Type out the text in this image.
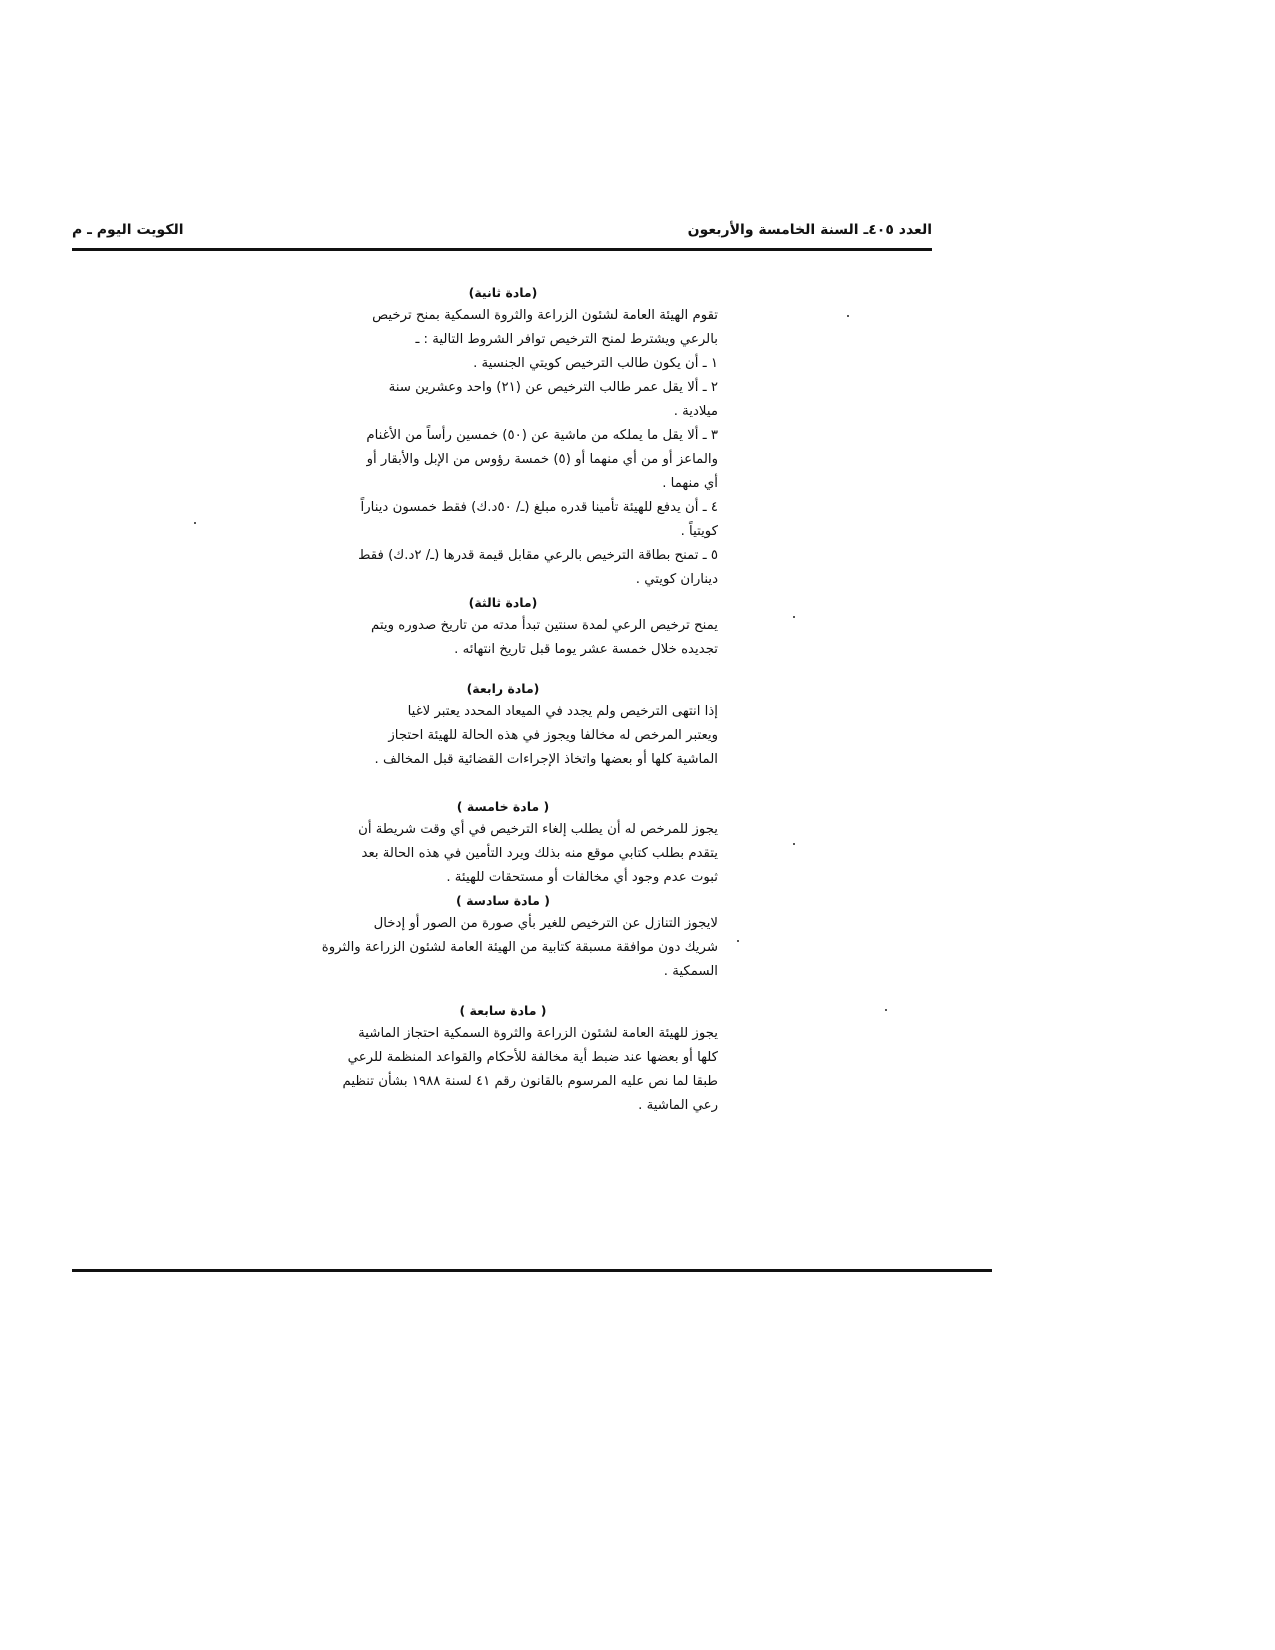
العدد ٤٠٥ـ السنة الخامسة والأربعون
الكويت اليوم ـ م
(مادة ثانية)
تقوم الهيئة العامة لشئون الزراعة والثروة السمكية بمنح ترخيص
بالرعي ويشترط لمنح الترخيص توافر الشروط التالية : ـ
١ ـ أن يكون طالب الترخيص كويتي الجنسية .
٢ ـ ألا يقل عمر طالب الترخيص عن (٢١) واحد وعشرين سنة
ميلادية .
٣ ـ ألا يقل ما يملكه من ماشية عن (٥٠) خمسين رأساً من الأغنام
والماعز أو من أي منهما أو (٥) خمسة رؤوس من الإبل والأبقار أو
أي منهما .
٤ ـ أن يدفع للهيئة تأمينا قدره مبلغ (ـ/ ٥٠د.ك) فقط خمسون ديناراً
كويتياً .
٥ ـ تمنح بطاقة الترخيص بالرعي مقابل قيمة قدرها (ـ/ ٢د.ك) فقط
ديناران كويتي .
(مادة ثالثة)
يمنح ترخيص الرعي لمدة سنتين تبدأ مدته من تاريخ صدوره ويتم
تجديده خلال خمسة عشر يوما قبل تاريخ انتهائه .
(مادة رابعة)
إذا انتهى الترخيص ولم يجدد في الميعاد المحدد يعتبر لاغيا
ويعتبر المرخص له مخالفا ويجوز في هذه الحالة للهيئة احتجاز
الماشية كلها أو بعضها واتخاذ الإجراءات القضائية قبل المخالف .
( مادة خامسة )
يجوز للمرخص له أن يطلب إلغاء الترخيص في أي وقت شريطة أن
يتقدم بطلب كتابي موقع منه بذلك ويرد التأمين في هذه الحالة بعد
ثبوت عدم وجود أي مخالفات أو مستحقات للهيئة .
( مادة سادسة )
لايجوز التنازل عن الترخيص للغير بأي صورة من الصور أو إدخال
شريك دون موافقة مسبقة كتابية من الهيئة العامة لشئون الزراعة والثروة
السمكية .
( مادة سابعة )
يجوز للهيئة العامة لشئون الزراعة والثروة السمكية احتجاز الماشية
كلها أو بعضها عند ضبط أية مخالفة للأحكام والقواعد المنظمة للرعي
طبقا لما نص عليه المرسوم بالقانون رقم ٤١ لسنة ١٩٨٨ بشأن تنظيم
رعي الماشية .
